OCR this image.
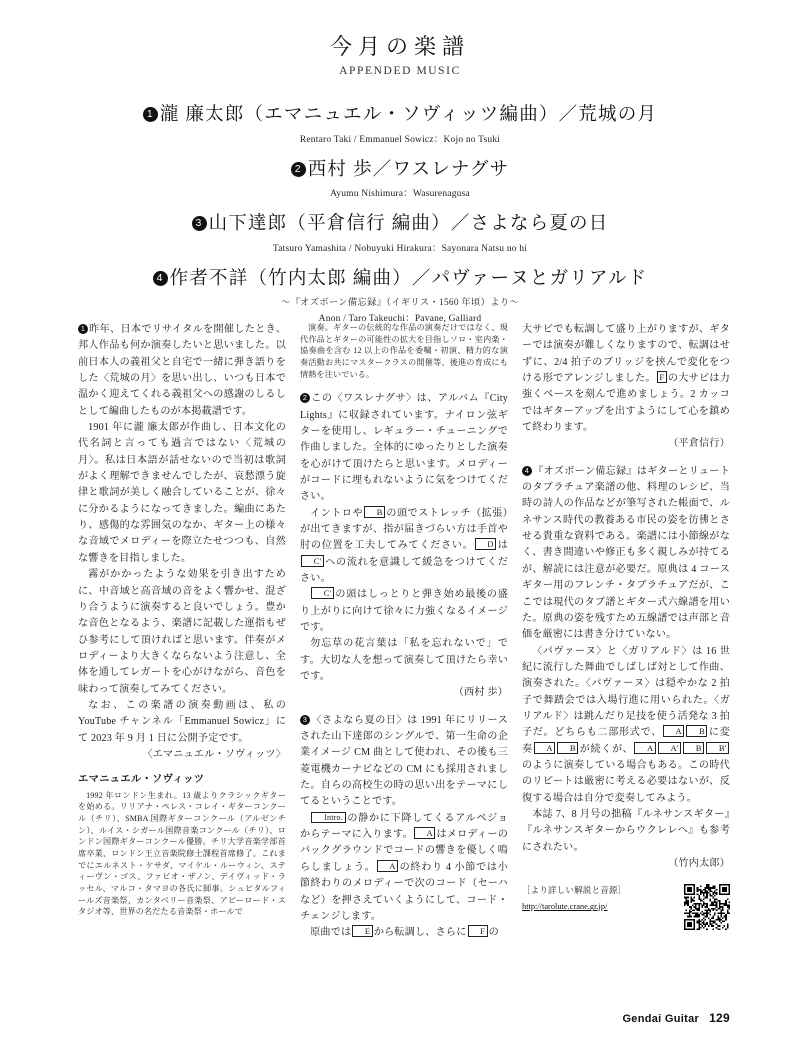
今月の楽譜
APPENDED MUSIC
1 瀧 廉太郎（エマニュエル・ソヴィッツ編曲）／荒城の月
Rentaro Taki / Emmanuel Sowicz：Kojo no Tsuki
2 西村 歩／ワスレナグサ
Ayumu Nishimura：Wasurenagusa
3 山下達郎（平倉信行 編曲）／さよなら夏の日
Tatsuro Yamashita / Nobuyuki Hirakura：Sayonara Natsu no hi
4 作者不詳（竹内太郎 編曲）／パヴァーヌとガリアルド
～『オズボーン備忘録』（イギリス・1560 年頃）より～
Anon / Taro Takeuchi：Pavane, Galliard

1 昨年、日本でリサイタルを開催したとき、邦人作品も何か演奏したいと思いました。以前日本人の義祖父と自宅で一緒に弾き語りをした〈荒城の月〉を思い出し、いつも日本で温かく迎えてくれる義祖父への感謝のしるしとして編曲したものが本掲載譜です。

1901 年に瀧 廉太郎が作曲し、日本文化の代名詞と言っても過言ではない〈荒城の月〉。私は日本語が話せないので当初は歌詞がよく理解できませんでしたが、哀愁漂う旋律と歌詞が美しく融合していることが、徐々に分かるようになってきました。編曲にあたり、感傷的な雰囲気のなか、ギター上の様々な音域でメロディーを際立たせつつも、自然な響きを目指しました。

霧がかかったような効果を引き出すために、中音域と高音域の音をよく響かせ、混ざり合うように演奏すると良いでしょう。豊かな音色となるよう、楽譜に記載した運指もぜひ参考にして頂ければと思います。伴奏がメロディーより大きくならないよう注意し、全体を通してレガートを心がけながら、音色を味わって演奏してみてください。

なお、この楽譜の演奏動画は、私の YouTube チャンネル「Emmanuel Sowicz」にて 2023 年 9 月 1 日に公開予定です。

〈エマニュエル・ソヴィッツ〉

エマニュエル・ソヴィッツ

1992 年ロンドン生まれ。13 歳よりクラシックギターを始める。リリアナ・ペレス・コレイ・ギターコンクール（チリ）、SMBA 国際ギターコンクール（アルゼンチン）、ルイス・シガール国際音楽コンクール（チリ）、ロンドン国際ギターコンクール優勝。チリ大学音楽学部首席卒業、ロンドン王立音楽院修士課程首席修了。これまでにエルネスト・ケサダ、マイケル・ルーウィン、スティーヴン・ゴス、ファビオ・ザノン、デイヴィッド・ラッセル、マルコ・タマヨの各氏に師事。シュピタルフィールズ音楽祭、カンタベリー音楽祭、アビーロード・スタジオ等、世界の名だたる音楽祭・ホールで

演奏。ギターの伝統的な作品の演奏だけではなく、現代作品とギターの可能性の拡大を目指しソロ・室内楽・協奏曲を含む 12 以上の作品を委嘱・初演、精力的な演奏活動お共にマスタークラスの開催等、後進の育成にも情熱を注いでいる。

2 この〈ワスレナグサ〉は、アルバム『City Lights』に収録されています。ナイロン弦ギターを使用し、レギュラー・チューニングで作曲しました。全体的にゆったりとした演奏を心がけて頂けたらと思います。メロディーがコードに埋もれないように気をつけてください。

イントロや B の頭でストレッチ（拡張）が出てきますが、指が届きづらい方は手首や肘の位置を工夫してみてください。 D はC' への流れを意識して緩急をつけてください。

C' の頭はしっとりと弾き始め最後の盛り上がりに向けて徐々に力強くなるイメージです。

勿忘草の花言葉は「私を忘れないで」です。大切な人を想って演奏して頂けたら幸いです。

（西村 歩）

3 〈さよなら夏の日〉は 1991 年にリリースされた山下達郎のシングルで、第一生命の企業イメージ CM 曲として使われ、その後も三菱電機カーナビなどの CM にも採用されました。自らの高校生の時の思い出をテーマにしてるということです。

Intro. の静かに下降してくるアルペジョからテーマに入ります。 A はメロディーのバックグラウンドでコードの響きを優しく鳴らしましょう。 A の終わり 4 小節では小節終わりのメロディーで次のコード（セーハなど）を押さえていくようにして、コード・チェンジします。

原曲では E から転調し、さらに F の

大サビでも転調して盛り上がりますが、ギターでは演奏が難しくなりますので、転調はせずに、2/4 拍子のブリッジを挟んで変化をつける形でアレンジしました。 F の大サビは力強くベースを刻んで進めましょう。2 カッコではギターアップを出すようにして心を鎮めて終わります。

（平倉信行）

4 『オズボーン備忘録』はギターとリュートのタブラチュア楽譜の他、料理のレシピ、当時の詩人の作品などが筆写された帳面で、ルネサンス時代の教養ある市民の姿を彷彿とさせる貴重な資料である。楽譜には小節線がなく、書き間違いや修正も多く親しみが持てるが、解読には注意が必要だ。原典は 4 コースギター用のフレンチ・タブラチュアだが、ここでは現代のタブ譜とギター式六線譜を用いた。原典の姿を残すため五線譜では声部と音価を厳密には書き分けていない。

〈パヴァーヌ〉と〈ガリアルド〉は 16 世紀に流行した舞曲でしばしば対として作曲、演奏された。〈パヴァーヌ〉は穏やかな 2 拍子で舞踏会では入場行進に用いられた。〈ガリアルド〉は跳んだり足技を使う活発な 3 拍子だ。どちらも二部形式で、 A B に変奏 A B が続くが、 A A' B B'のように演奏している場合もある。この時代のリピートは厳密に考える必要はないが、反復する場合は自分で変奏してみよう。

本誌 7、8 月号の拙稿『ルネサンスギター』『ルネサンスギターからウクレレへ』も参考にされたい。

（竹内太郎）

［より詳しい解説と音源］
http://tarolute.crane.gr.jp/
Gendai Guitar 129
